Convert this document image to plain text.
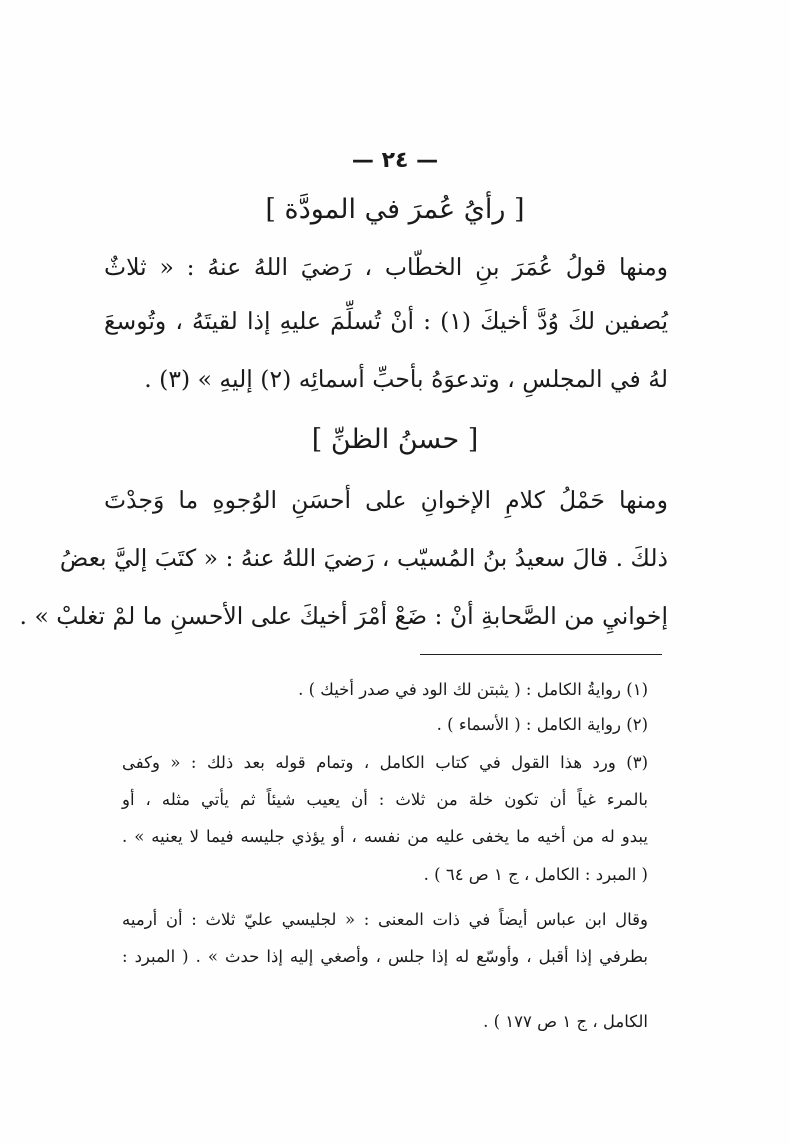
— ٢٤ —
[ رأيُ عُمرَ في المودَّة ]
ومنها قولُ عُمَرَ بنِ الخطّاب ، رَضيَ اللهُ عنهُ : « ثلاثٌ
يُصفين لكَ وُدَّ أخيكَ (١) : أنْ تُسلِّمَ عليهِ إذا لقيتَهُ ، وتُوسعَ
لهُ في المجلسِ ، وتدعوَهُ بأحبِّ أسمائِه (٢) إليهِ » (٣) .
[ حسنُ الظنِّ ]
ومنها حَمْلُ كلامِ الإخوانِ على أحسَنِ الوُجوهِ ما وَجدْتَ
ذلكَ . قالَ سعيدُ بنُ المُسيّب ، رَضيَ اللهُ عنهُ : « كتَبَ إليَّ بعضُ
إخوانيِ من الصَّحابةِ أنْ : ضَعْ أمْرَ أخيكَ على الأحسنِ ما لمْ تغلبْ » .
(١) روايةُ الكامل : ( يثبتن لك الود في صدر أخيك ) .
(٢) رواية الكامل : ( الأسماء ) .
(٣) ورد هذا القول في كتاب الكامل ، وتمام قوله بعد ذلك : « وكفى
بالمرء غياً أن تكون خلة من ثلاث : أن يعيب شيئاً ثم يأتي مثله ، أو
يبدو له من أخيه ما يخفى عليه من نفسه ، أو يؤذي جليسه فيما لا يعنيه » .
( المبرد : الكامل ، ج ١ ص ٦٤ ) .
وقال ابن عباس أيضاً في ذات المعنى : « لجليسي عليّ ثلاث : أن أرميه
بطرفي إذا أقبل ، وأوسّع له إذا جلس ، وأصغي إليه إذا حدث » . ( المبرد :
الكامل ، ج ١ ص ١٧٧ ) .
